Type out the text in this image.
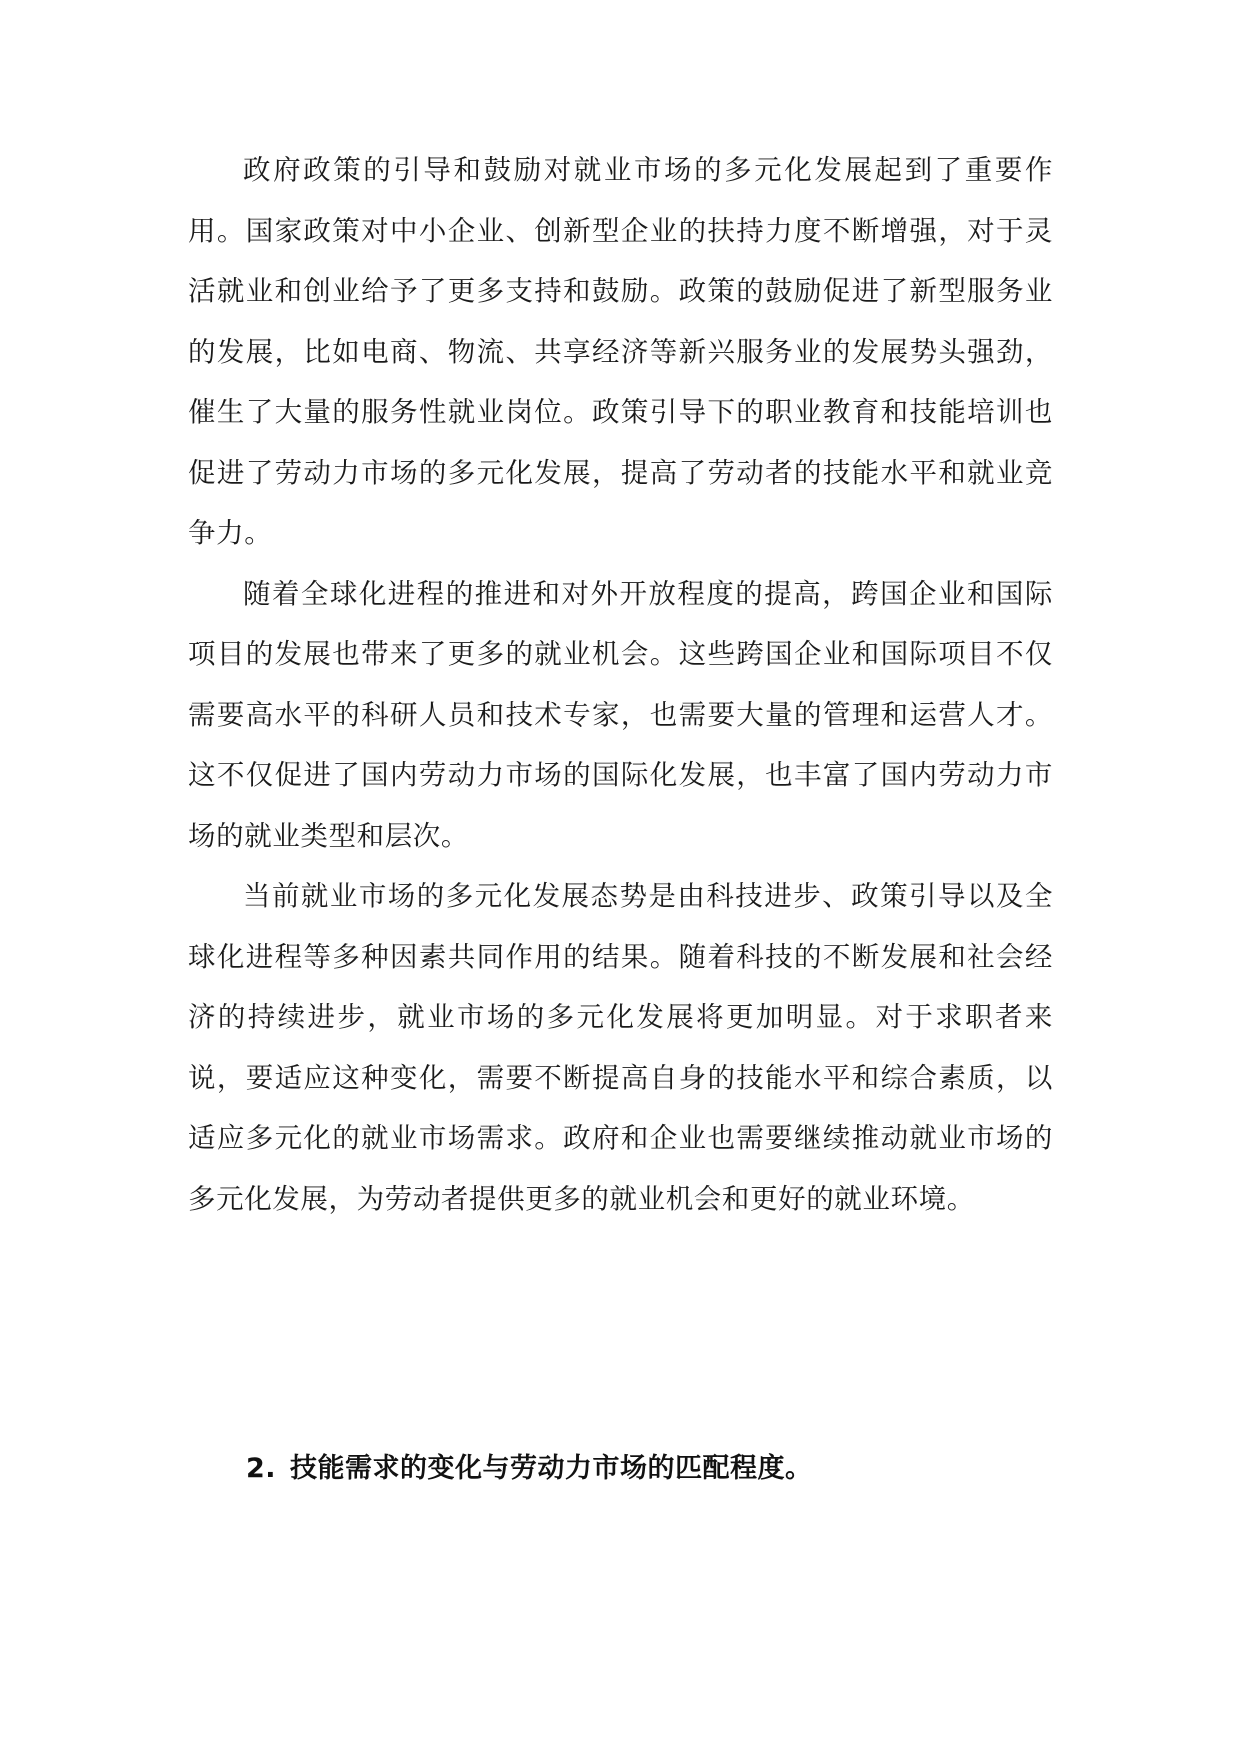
政府政策的引导和鼓励对就业市场的多元化发展起到了重要作用。国家政策对中小企业、创新型企业的扶持力度不断增强，对于灵活就业和创业给予了更多支持和鼓励。政策的鼓励促进了新型服务业的发展，比如电商、物流、共享经济等新兴服务业的发展势头强劲，催生了大量的服务性就业岗位。政策引导下的职业教育和技能培训也促进了劳动力市场的多元化发展，提高了劳动者的技能水平和就业竞争力。

随着全球化进程的推进和对外开放程度的提高，跨国企业和国际项目的发展也带来了更多的就业机会。这些跨国企业和国际项目不仅需要高水平的科研人员和技术专家，也需要大量的管理和运营人才。这不仅促进了国内劳动力市场的国际化发展，也丰富了国内劳动力市场的就业类型和层次。

当前就业市场的多元化发展态势是由科技进步、政策引导以及全球化进程等多种因素共同作用的结果。随着科技的不断发展和社会经济的持续进步，就业市场的多元化发展将更加明显。对于求职者来说，要适应这种变化，需要不断提高自身的技能水平和综合素质，以适应多元化的就业市场需求。政府和企业也需要继续推动就业市场的多元化发展，为劳动者提供更多的就业机会和更好的就业环境。

2. 技能需求的变化与劳动力市场的匹配程度。
